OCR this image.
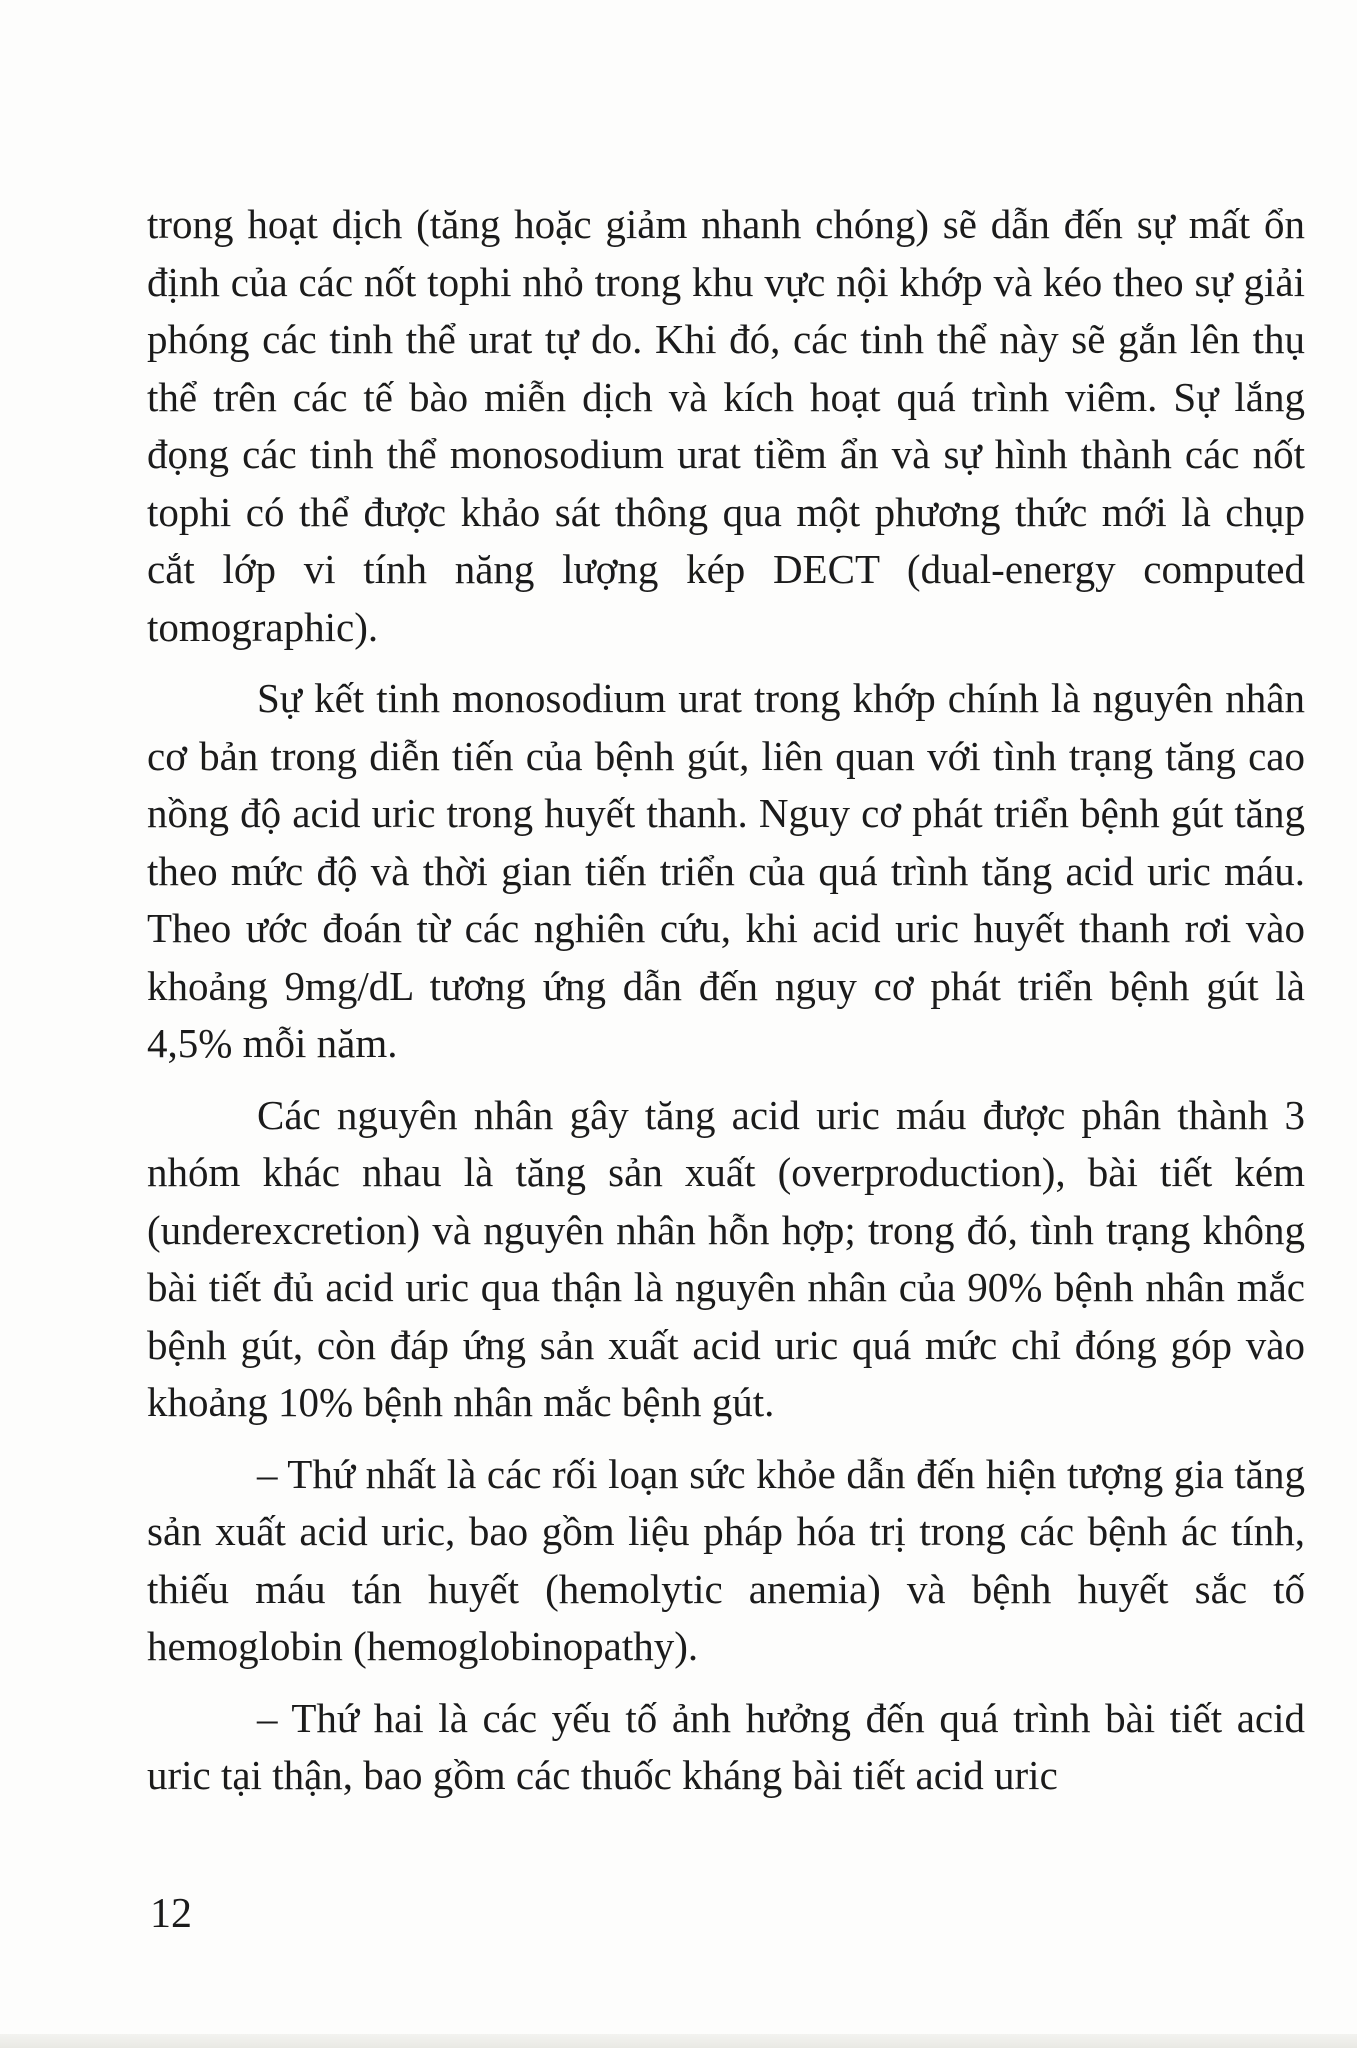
trong hoạt dịch (tăng hoặc giảm nhanh chóng) sẽ dẫn đến sự mất ổn định của các nốt tophi nhỏ trong khu vực nội khớp và kéo theo sự giải phóng các tinh thể urat tự do. Khi đó, các tinh thể này sẽ gắn lên thụ thể trên các tế bào miễn dịch và kích hoạt quá trình viêm. Sự lắng đọng các tinh thể monosodium urat tiềm ẩn và sự hình thành các nốt tophi có thể được khảo sát thông qua một phương thức mới là chụp cắt lớp vi tính năng lượng kép DECT (dual-energy computed tomographic).

Sự kết tinh monosodium urat trong khớp chính là nguyên nhân cơ bản trong diễn tiến của bệnh gút, liên quan với tình trạng tăng cao nồng độ acid uric trong huyết thanh. Nguy cơ phát triển bệnh gút tăng theo mức độ và thời gian tiến triển của quá trình tăng acid uric máu. Theo ước đoán từ các nghiên cứu, khi acid uric huyết thanh rơi vào khoảng 9mg/dL tương ứng dẫn đến nguy cơ phát triển bệnh gút là 4,5% mỗi năm.

Các nguyên nhân gây tăng acid uric máu được phân thành 3 nhóm khác nhau là tăng sản xuất (overproduction), bài tiết kém (underexcretion) và nguyên nhân hỗn hợp; trong đó, tình trạng không bài tiết đủ acid uric qua thận là nguyên nhân của 90% bệnh nhân mắc bệnh gút, còn đáp ứng sản xuất acid uric quá mức chỉ đóng góp vào khoảng 10% bệnh nhân mắc bệnh gút.

– Thứ nhất là các rối loạn sức khỏe dẫn đến hiện tượng gia tăng sản xuất acid uric, bao gồm liệu pháp hóa trị trong các bệnh ác tính, thiếu máu tán huyết (hemolytic anemia) và bệnh huyết sắc tố hemoglobin (hemoglobinopathy).

– Thứ hai là các yếu tố ảnh hưởng đến quá trình bài tiết acid uric tại thận, bao gồm các thuốc kháng bài tiết acid uric

12
